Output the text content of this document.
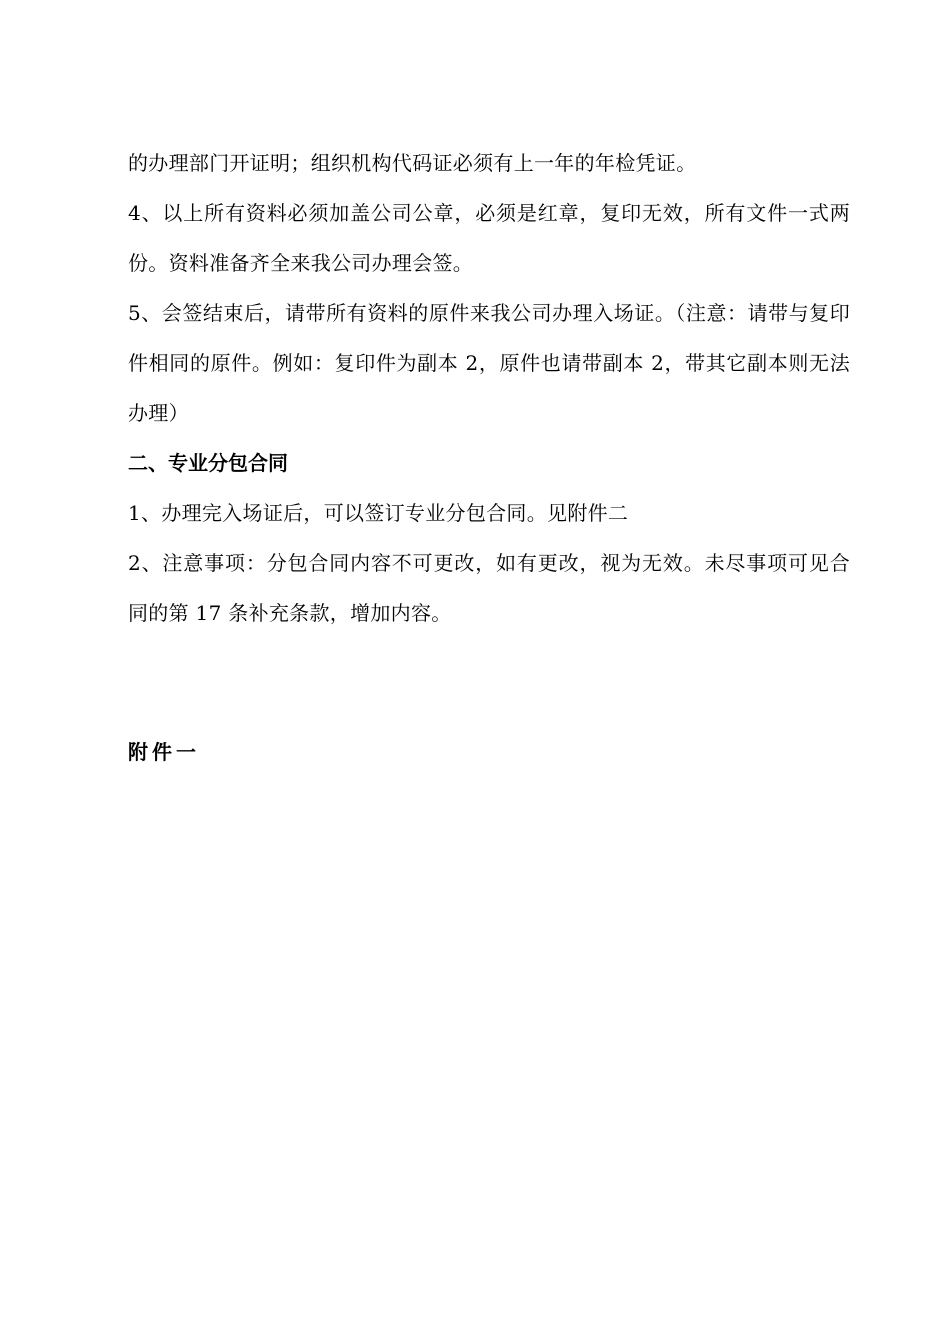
的办理部门开证明；组织机构代码证必须有上一年的年检凭证。

4、以上所有资料必须加盖公司公章，必须是红章，复印无效，所有文件一式两份。资料准备齐全来我公司办理会签。

5、会签结束后，请带所有资料的原件来我公司办理入场证。（注意：请带与复印件相同的原件。例如：复印件为副本 2，原件也请带副本 2，带其它副本则无法办理）

二、专业分包合同

1、办理完入场证后，可以签订专业分包合同。见附件二

2、注意事项：分包合同内容不可更改，如有更改，视为无效。未尽事项可见合同的第 17 条补充条款，增加内容。

附件一
